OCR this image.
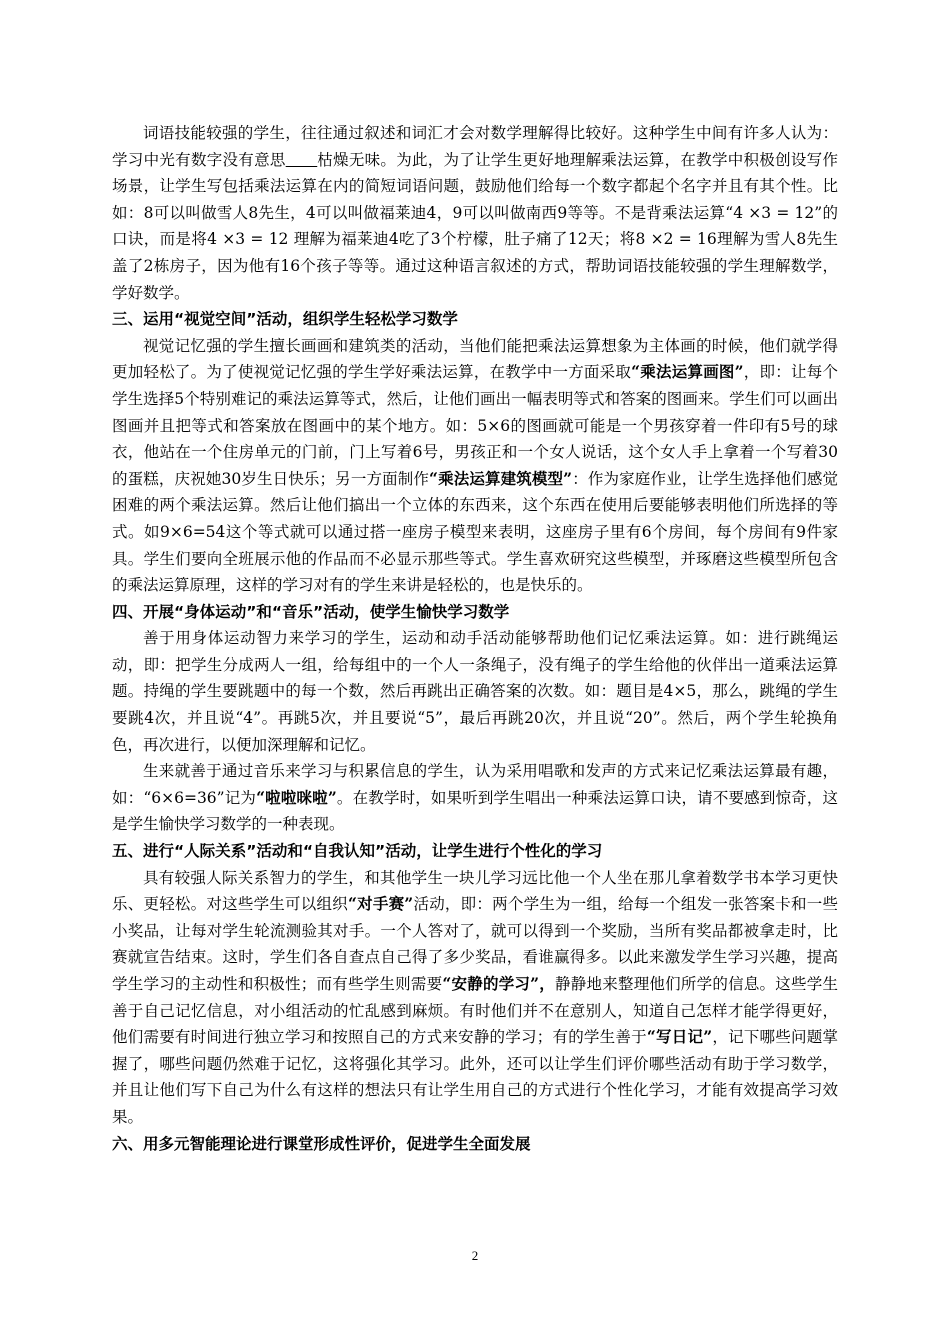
词语技能较强的学生，往往通过叙述和词汇才会对数学理解得比较好。这种学生中间有许多人认为：学习中光有数字没有意思　　 枯燥无味。为此，为了让学生更好地理解乘法运算，在教学中积极创设写作场景，让学生写包括乘法运算在内的简短词语问题，鼓励他们给每一个数字都起个名字并且有其个性。比如：8可以叫做雪人8先生，4可以叫做福莱迪4，9可以叫做南西9等等。不是背乘法运算“4 ×3 = 12”的口诀，而是将4 ×3 = 12 理解为福莱迪4吃了3个柠檬，肚子痛了12天；将8 ×2 = 16理解为雪人8先生盖了2栋房子，因为他有16个孩子等等。通过这种语言叙述的方式，帮助词语技能较强的学生理解数学，学好数学。

三、运用“视觉空间”活动，组织学生轻松学习数学

视觉记忆强的学生擅长画画和建筑类的活动，当他们能把乘法运算想象为主体画的时候，他们就学得更加轻松了。为了使视觉记忆强的学生学好乘法运算，在教学中一方面采取“乘法运算画图”，即：让每个学生选择5个特别难记的乘法运算等式，然后，让他们画出一幅表明等式和答案的图画来。学生们可以画出图画并且把等式和答案放在图画中的某个地方。如：5×6的图画就可能是一个男孩穿着一件印有5号的球衣，他站在一个住房单元的门前，门上写着6号，男孩正和一个女人说话，这个女人手上拿着一个写着30的蛋糕，庆祝她30岁生日快乐；另一方面制作“乘法运算建筑模型”：作为家庭作业，让学生选择他们感觉困难的两个乘法运算。然后让他们搞出一个立体的东西来，这个东西在使用后要能够表明他们所选择的等式。如9×6=54这个等式就可以通过搭一座房子模型来表明，这座房子里有6个房间，每个房间有9件家具。学生们要向全班展示他的作品而不必显示那些等式。学生喜欢研究这些模型，并琢磨这些模型所包含的乘法运算原理，这样的学习对有的学生来讲是轻松的，也是快乐的。

四、开展“身体运动”和“音乐”活动，使学生愉快学习数学

善于用身体运动智力来学习的学生，运动和动手活动能够帮助他们记忆乘法运算。如：进行跳绳运动，即：把学生分成两人一组，给每组中的一个人一条绳子，没有绳子的学生给他的伙伴出一道乘法运算题。持绳的学生要跳题中的每一个数，然后再跳出正确答案的次数。如：题目是4×5，那么，跳绳的学生要跳4次，并且说“4”。再跳5次，并且要说“5”，最后再跳20次，并且说“20”。然后，两个学生轮换角色，再次进行，以便加深理解和记忆。

生来就善于通过音乐来学习与积累信息的学生，认为采用唱歌和发声的方式来记忆乘法运算最有趣，如：“6×6=36”记为“啦啦咪啦”。在教学时，如果听到学生唱出一种乘法运算口诀，请不要感到惊奇，这是学生愉快学习数学的一种表现。

五、进行“人际关系”活动和“自我认知”活动，让学生进行个性化的学习

具有较强人际关系智力的学生，和其他学生一块儿学习远比他一个人坐在那儿拿着数学书本学习更快乐、更轻松。对这些学生可以组织“对手赛”活动，即：两个学生为一组，给每一个组发一张答案卡和一些小奖品，让每对学生轮流测验其对手。一个人答对了，就可以得到一个奖励，当所有奖品都被拿走时，比赛就宣告结束。这时，学生们各自查点自己得了多少奖品，看谁赢得多。以此来激发学生学习兴趣，提高学生学习的主动性和积极性；而有些学生则需要“安静的学习”，静静地来整理他们所学的信息。这些学生善于自己记忆信息，对小组活动的忙乱感到麻烦。有时他们并不在意别人，知道自己怎样才能学得更好，他们需要有时间进行独立学习和按照自己的方式来安静的学习；有的学生善于“写日记”，记下哪些问题掌握了，哪些问题仍然难于记忆，这将强化其学习。此外，还可以让学生们评价哪些活动有助于学习数学，并且让他们写下自己为什么有这样的想法只有让学生用自己的方式进行个性化学习，才能有效提高学习效果。

六、用多元智能理论进行课堂形成性评价，促进学生全面发展

2
